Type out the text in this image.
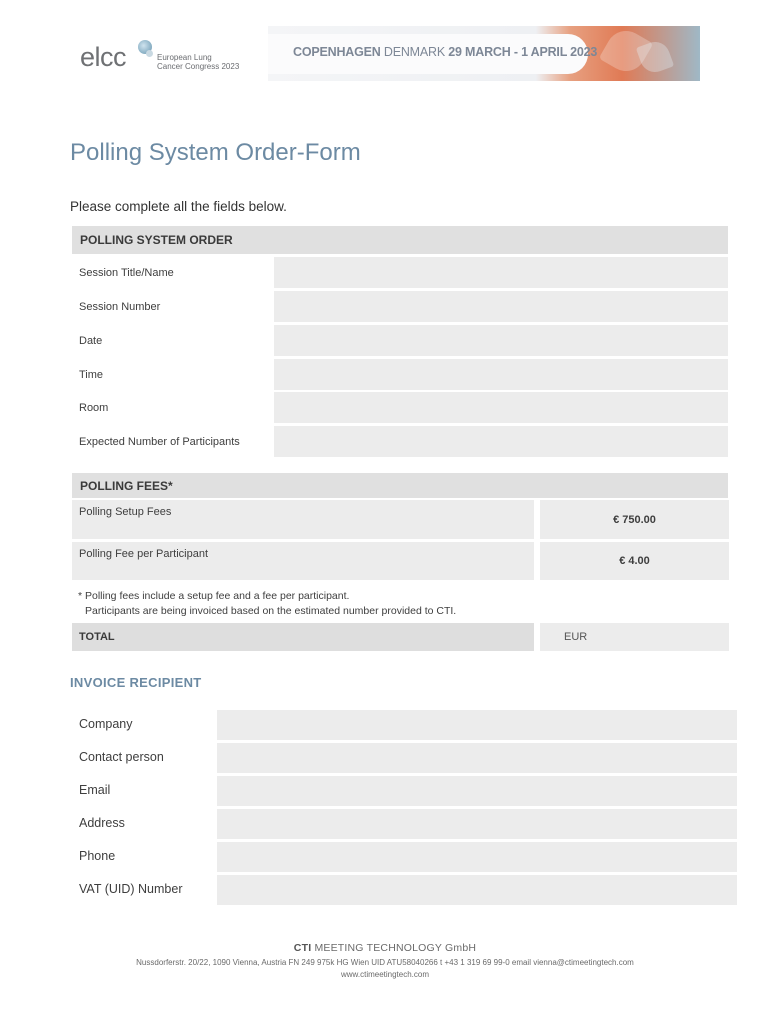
elcc	European Lung
Cancer Congress 2023
COPENHAGEN DENMARK 29 MARCH - 1 APRIL 2023
Polling System Order-Form
Please complete all the fields below.
POLLING SYSTEM ORDER
Session Title/Name
Session Number
Date
Time
Room
Expected Number of Participants
POLLING FEES*
Polling Setup Fees
€ 750.00
Polling Fee per Participant
€ 4.00
* Polling fees include a setup fee and a fee per participant.
Participants are being invoiced based on the estimated number provided to CTI.
TOTAL	EUR
INVOICE RECIPIENT
Company
Contact person
Email
Address
Phone
VAT (UID) Number
CTI MEETING TECHNOLOGY GmbH
Nussdorferstr. 20/22, 1090 Vienna, Austria FN 249 975k HG Wien UID ATU58040266 t +43 1 319 69 99-0 email vienna@ctimeetingtech.com
www.ctimeetingtech.com
